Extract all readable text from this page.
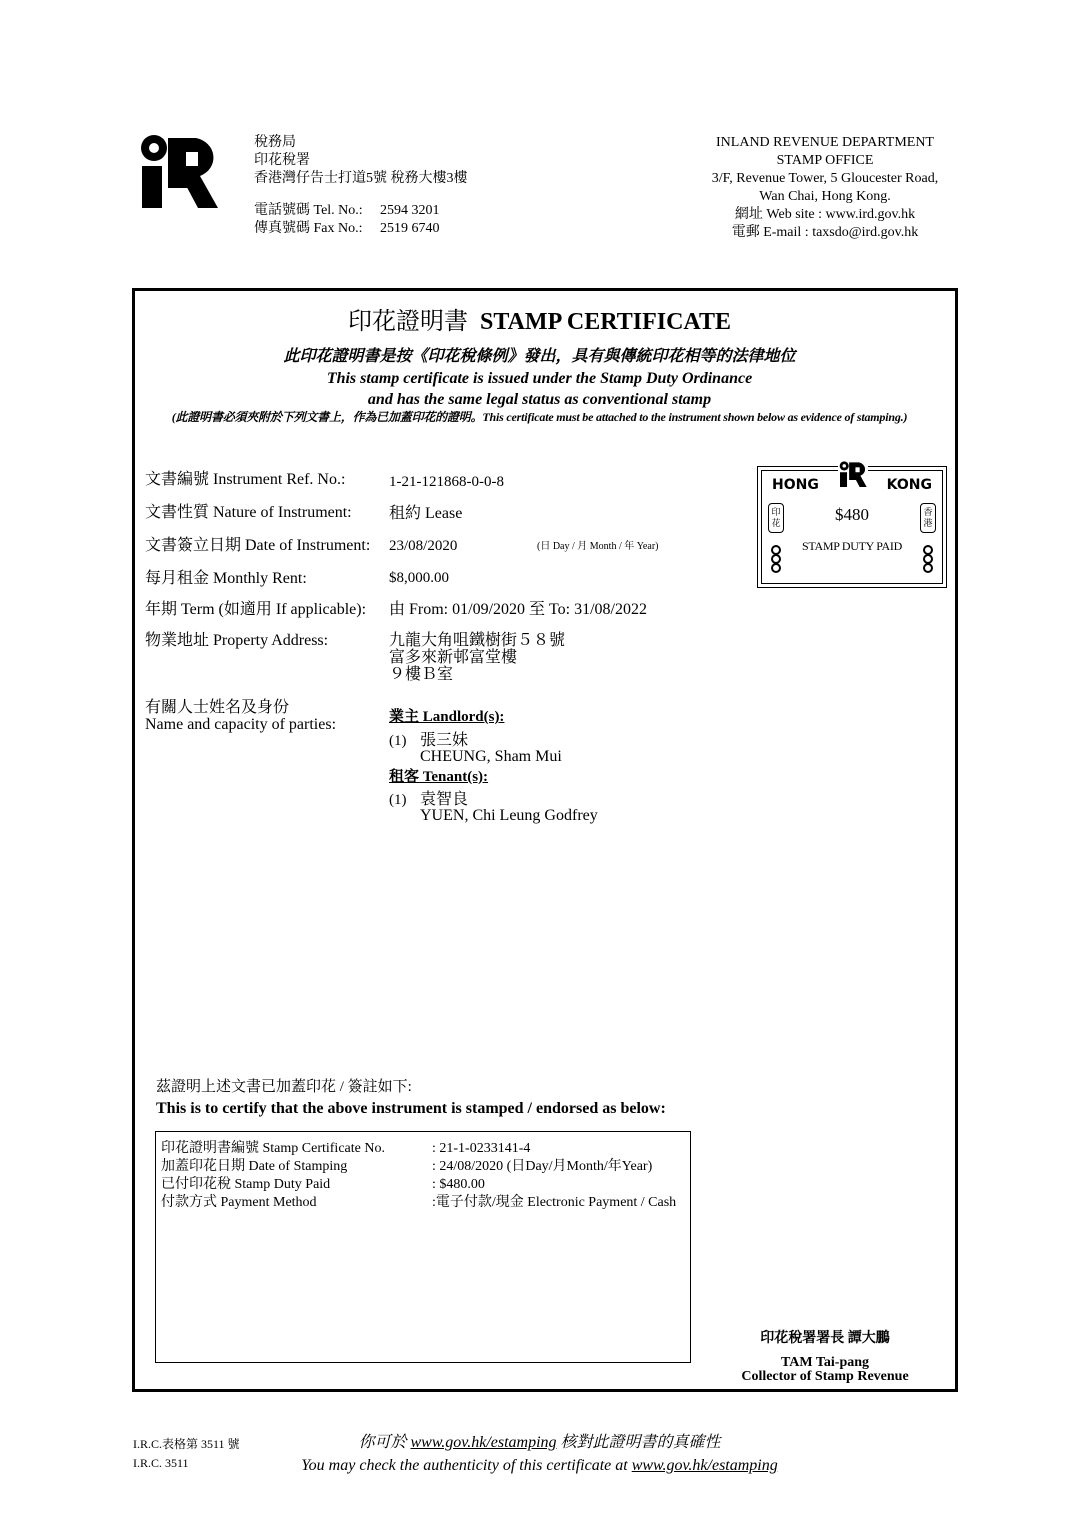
稅務局
印花稅署
香港灣仔告士打道5號 稅務大樓3樓
電話號碼 Tel. No.:	2594 3201
傳真號碼 Fax No.:	2519 6740
INLAND REVENUE DEPARTMENT
STAMP OFFICE
3/F, Revenue Tower, 5 Gloucester Road,
Wan Chai, Hong Kong.
網址 Web site : www.ird.gov.hk
電郵 E-mail : taxsdo@ird.gov.hk
印花證明書 STAMP CERTIFICATE
此印花證明書是按《印花稅條例》發出，具有與傳統印花相等的法律地位
This stamp certificate is issued under the Stamp Duty Ordinance
and has the same legal status as conventional stamp
(此證明書必須夾附於下列文書上，作為已加蓋印花的證明。This certificate must be attached to the instrument shown below as evidence of stamping.)
文書編號 Instrument Ref. No.:	1-21-121868-0-0-8
文書性質 Nature of Instrument: 租約 Lease
文書簽立日期 Date of Instrument: 23/08/2020	(日 Day / 月 Month / 年 Year)
每月租金 Monthly Rent:	$8,000.00
年期 Term (如適用 If applicable): 由 From: 01/09/2020 至 To: 31/08/2022
物業地址 Property Address:	九龍大角咀鐵樹街５８號
富多來新邨富堂樓
９樓Ｂ室
有關人士姓名及身份
Name and capacity of parties:	業主 Landlord(s):
(1) 張三妹
CHEUNG, Sham Mui
租客 Tenant(s):
(1) 袁智良
YUEN, Chi Leung Godfrey
HONG	KONG
印花
香港
$480
STAMP DUTY PAID
茲證明上述文書已加蓋印花 / 簽註如下:
This is to certify that the above instrument is stamped / endorsed as below:
印花證明書編號 Stamp Certificate No.	: 21-1-0233141-4
加蓋印花日期 Date of Stamping	: 24/08/2020 (日Day/月Month/年Year)
已付印花稅 Stamp Duty Paid	: $480.00
付款方式 Payment Method	:電子付款/現金 Electronic Payment / Cash
印花稅署署長 譚大鵬
TAM Tai-pang
Collector of Stamp Revenue
I.R.C.表格第 3511 號
I.R.C. 3511
你可於 www.gov.hk/estamping 核對此證明書的真確性
You may check the authenticity of this certificate at www.gov.hk/estamping
